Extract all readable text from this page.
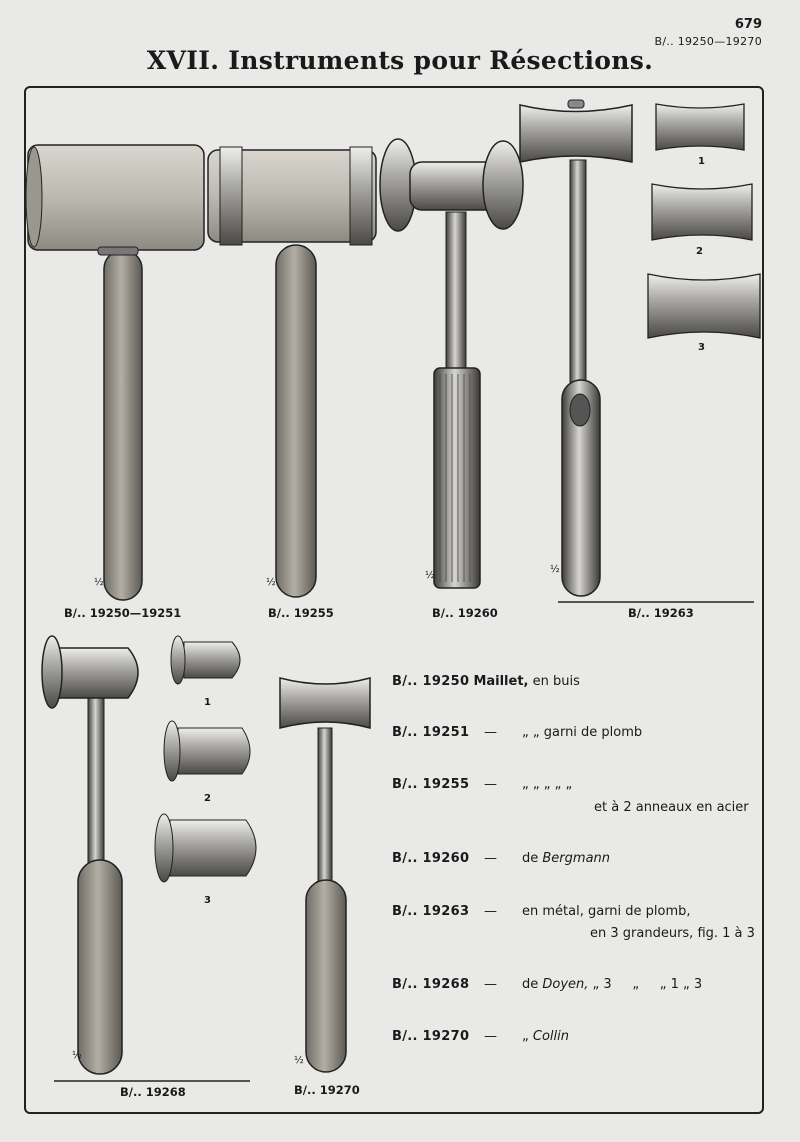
679
B/.. 19250—19270
XVII. Instruments pour Résections.
½	½
½
½
½	½
1
2
3
1
2
3
B/.. 19250—19251	B/.. 19255	B/.. 19260	B/.. 19263
B/.. 19268	B/.. 19270
B/.. 19250 Maillet, en buis
B/.. 19251 — „ „ garni de plomb
B/.. 19255 — „ „ „ „ „
et à 2 anneaux en acier
B/.. 19260 — de Bergmann
B/.. 19263 — en métal, garni de plomb,
en 3 grandeurs, fig. 1 à 3
B/.. 19268 — de Doyen, „ 3     „     „ 1 „ 3
B/.. 19270 — „ Collin
